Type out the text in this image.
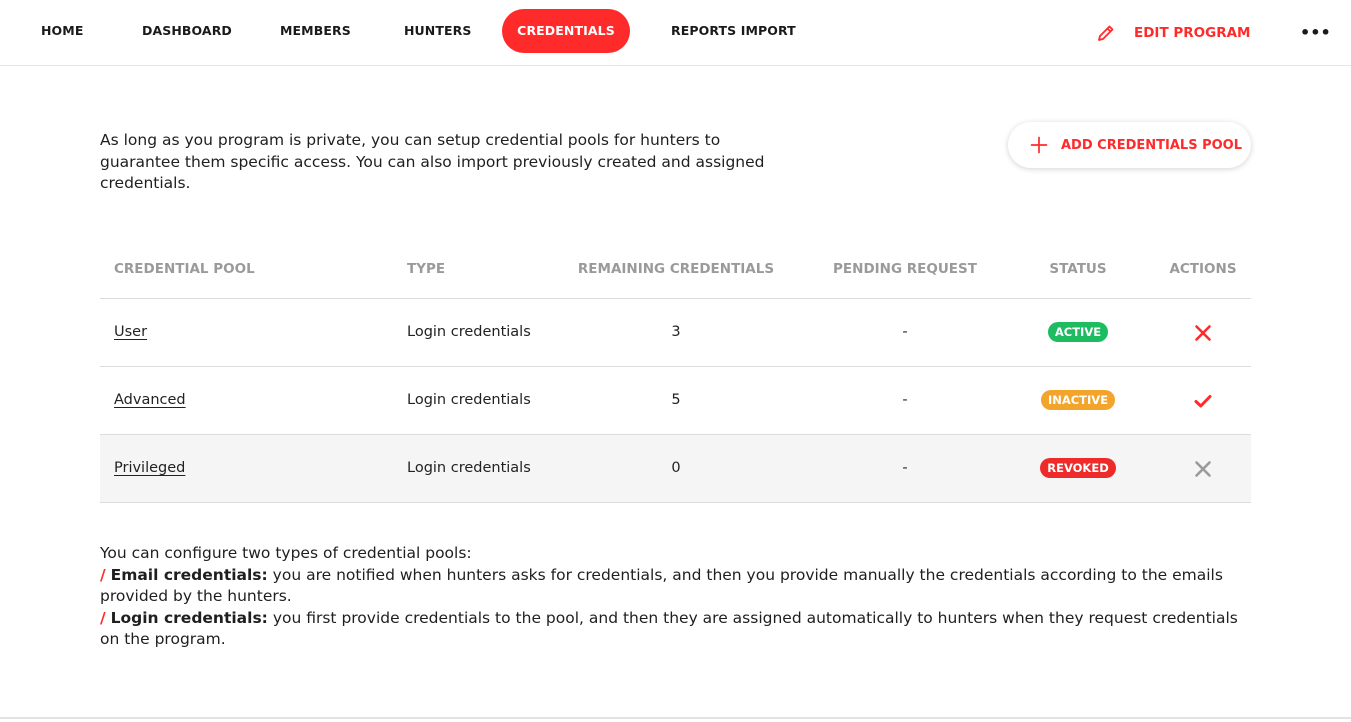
HOME	DASHBOARD	MEMBERS	HUNTERS	CREDENTIALS	REPORTS IMPORT	EDIT PROGRAM	•••

As long as you program is private, you can setup credential pools for hunters to guarantee them specific access. You can also import previously created and assigned credentials.

ADD CREDENTIALS POOL
CREDENTIAL POOL	TYPE	REMAINING CREDENTIALS	PENDING REQUEST	STATUS	ACTIONS
User	Login credentials	3	-	ACTIVE
Advanced	Login credentials	5	-	INACTIVE
Privileged	Login credentials	0	-	REVOKED
You can configure two types of credential pools:
/ Email credentials: you are notified when hunters asks for credentials, and then you provide manually the credentials according to the emails provided by the hunters.
/ Login credentials: you first provide credentials to the pool, and then they are assigned automatically to hunters when they request credentials on the program.
